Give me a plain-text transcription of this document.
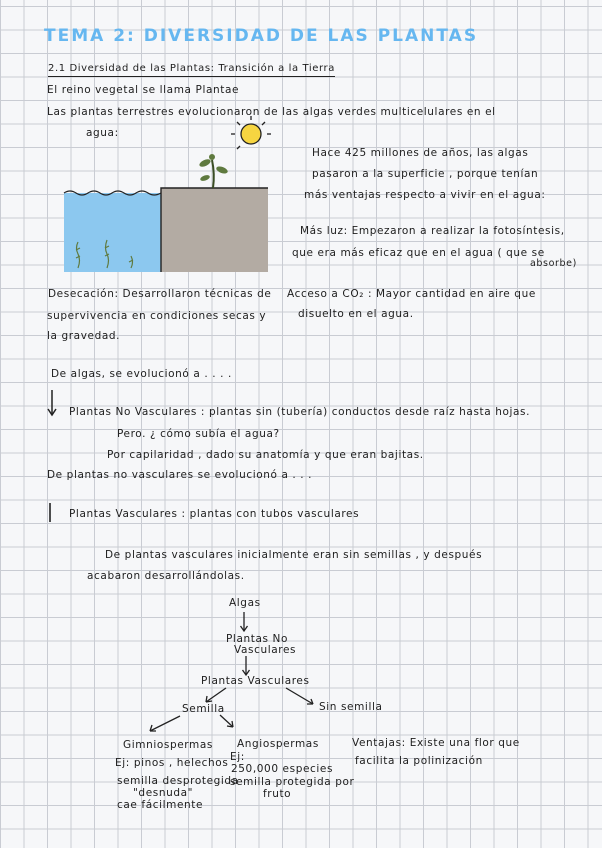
TEMA 2: DIVERSIDAD DE LAS PLANTAS
2.1 Diversidad de las Plantas: Transición a la Tierra
El reino vegetal se llama Plantae
Las plantas terrestres evolucionaron de las algas verdes multicelulares en el
agua:
Hace 425 millones de años, las algas
pasaron a la superficie , porque tenían
más ventajas respecto a vivir en el agua:
Más luz: Empezaron a realizar la fotosíntesis,
que era más eficaz que en el agua ( que se
absorbe)
Desecación: Desarrollaron técnicas de
supervivencia en condiciones secas y
la gravedad.
Acceso a CO₂ : Mayor cantidad en aire que
disuelto en el agua.
De algas, se evolucionó a . . . .
Plantas No Vasculares : plantas sin (tubería) conductos desde raíz hasta hojas.
Pero. ¿ cómo subía el agua?
Por capilaridad , dado su anatomía y que eran bajitas.
De plantas no vasculares se evolucionó a . . .
Plantas Vasculares : plantas con tubos vasculares
De plantas vasculares inicialmente eran sin semillas , y después
acabaron desarrollándolas.
Algas
Plantas No
Vasculares
Plantas Vasculares
Semilla	Sin semilla
Gimniospermas
Ej: pinos , helechos
semilla desprotegida
"desnuda"
cae fácilmente
Angiospermas
Ej:
250,000 especies
semilla protegida por
fruto
Ventajas: Existe una flor que
facilita la polinización
